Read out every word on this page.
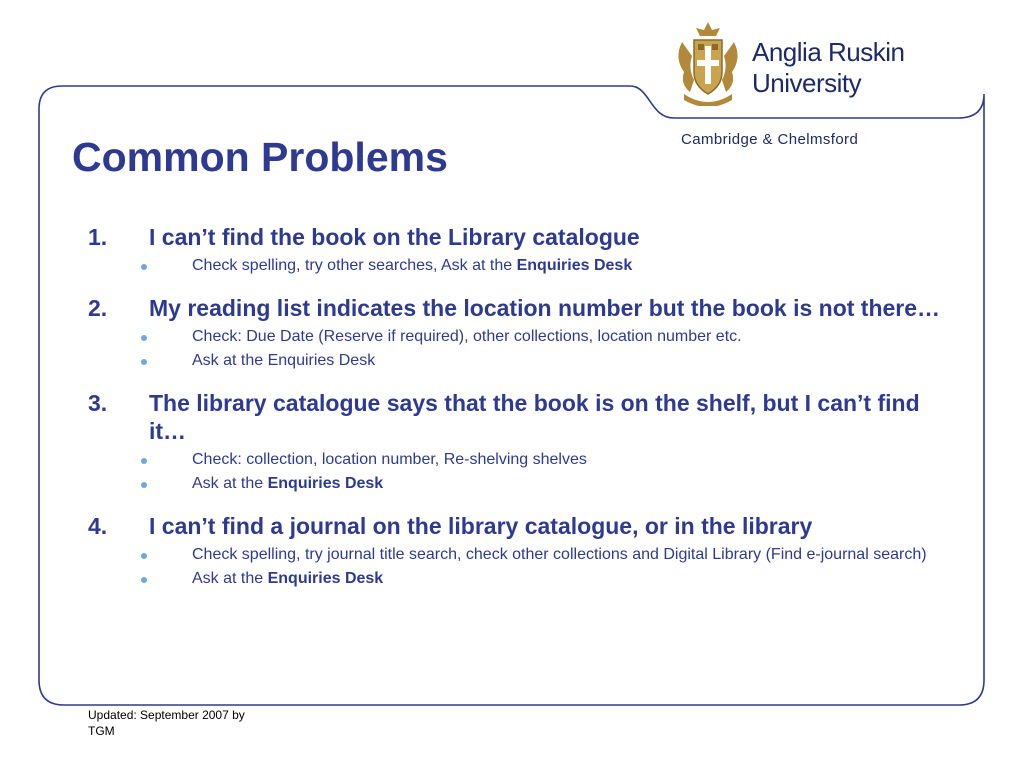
Anglia Ruskin
University
Cambridge & Chelmsford
Common Problems
1.	I can’t find the book on the Library catalogue
Check spelling, try other searches, Ask at the Enquiries Desk
2.	My reading list indicates the location number but the book is not there…
Check: Due Date (Reserve if required), other collections, location number etc.
Ask at the Enquiries Desk
3.	The library catalogue says that the book is on the shelf, but I can’t find it…
Check: collection, location number, Re-shelving shelves
Ask at the Enquiries Desk
4.	I can’t find a journal on the library catalogue, or in the library
Check spelling, try journal title search, check other collections and Digital Library (Find e-journal search)
Ask at the Enquiries Desk
Updated: September 2007 by
TGM
